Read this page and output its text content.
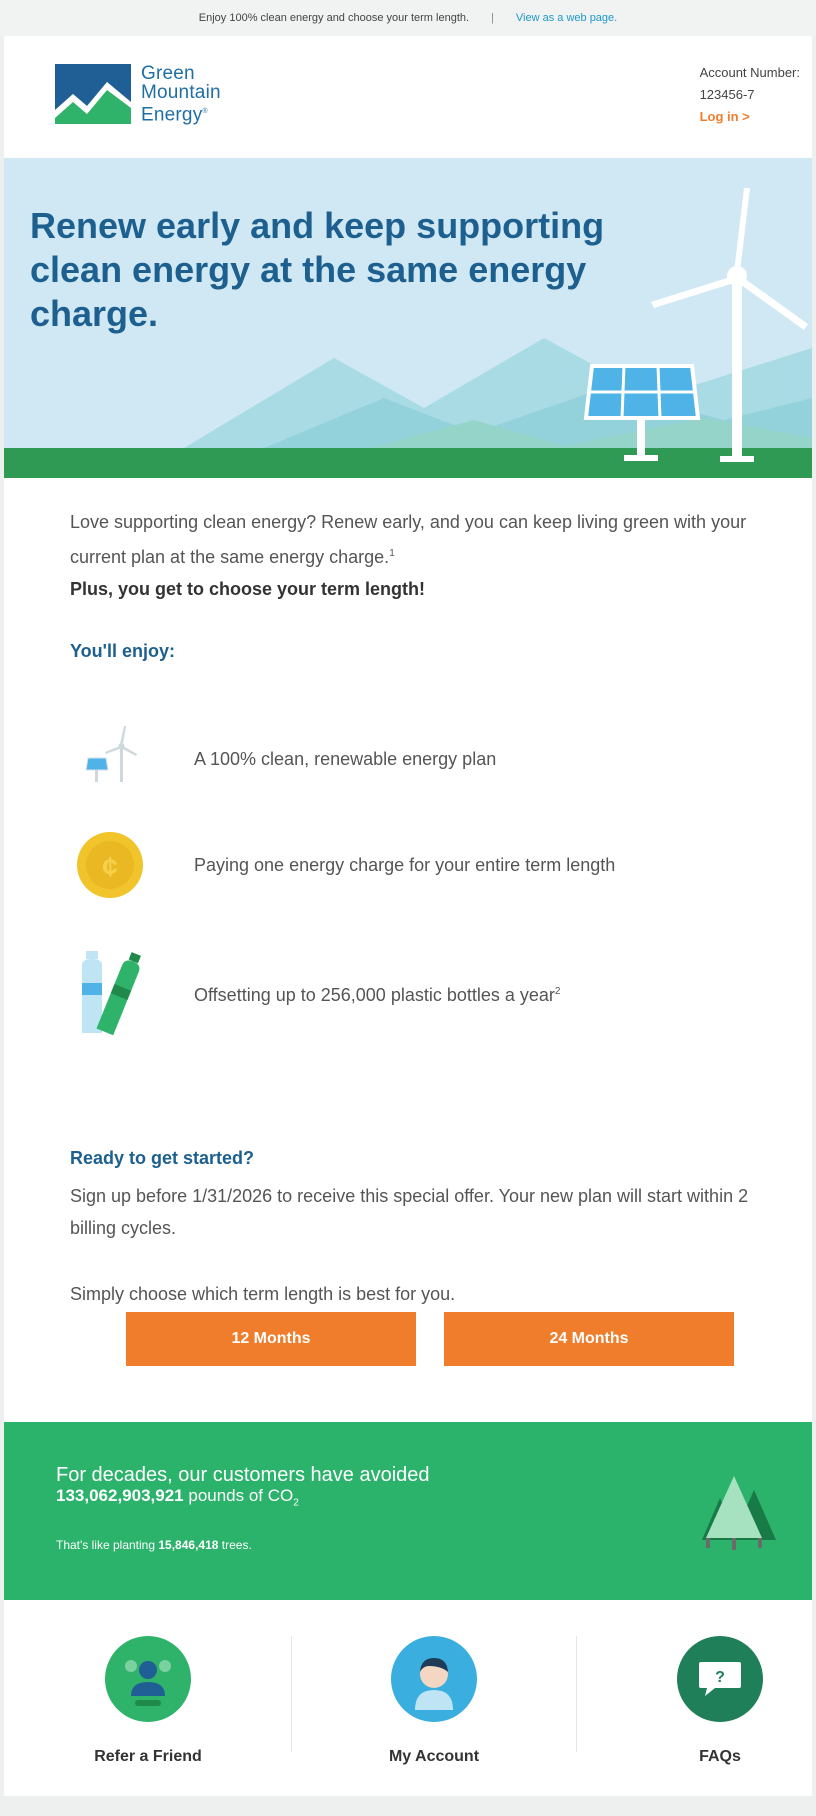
Enjoy 100% clean energy and choose your term length. | View as a web page.
Green
Mountain
Energy®
Account Number:
123456-7
Log in >
Renew early and keep supporting clean energy at the same energy charge.

Love supporting clean energy? Renew early, and you can keep living green with your current plan at the same energy charge.$^1$
Plus, you get to choose your term length!

You'll enjoy:

A 100% clean, renewable energy plan
¢	Paying one energy charge for your entire term length
Offsetting up to 256,000 plastic bottles a year$^2$
Ready to get started?

Sign up before 1/31/2026 to receive this special offer. Your new plan will start within 2 billing cycles.

Simply choose which term length is best for you.

12 Months	24 Months
For decades, our customers have avoided
133,062,903,921 pounds of $CO_2$
That's like planting 15,846,418 trees.
Refer a Friend	My Account
?
FAQs
